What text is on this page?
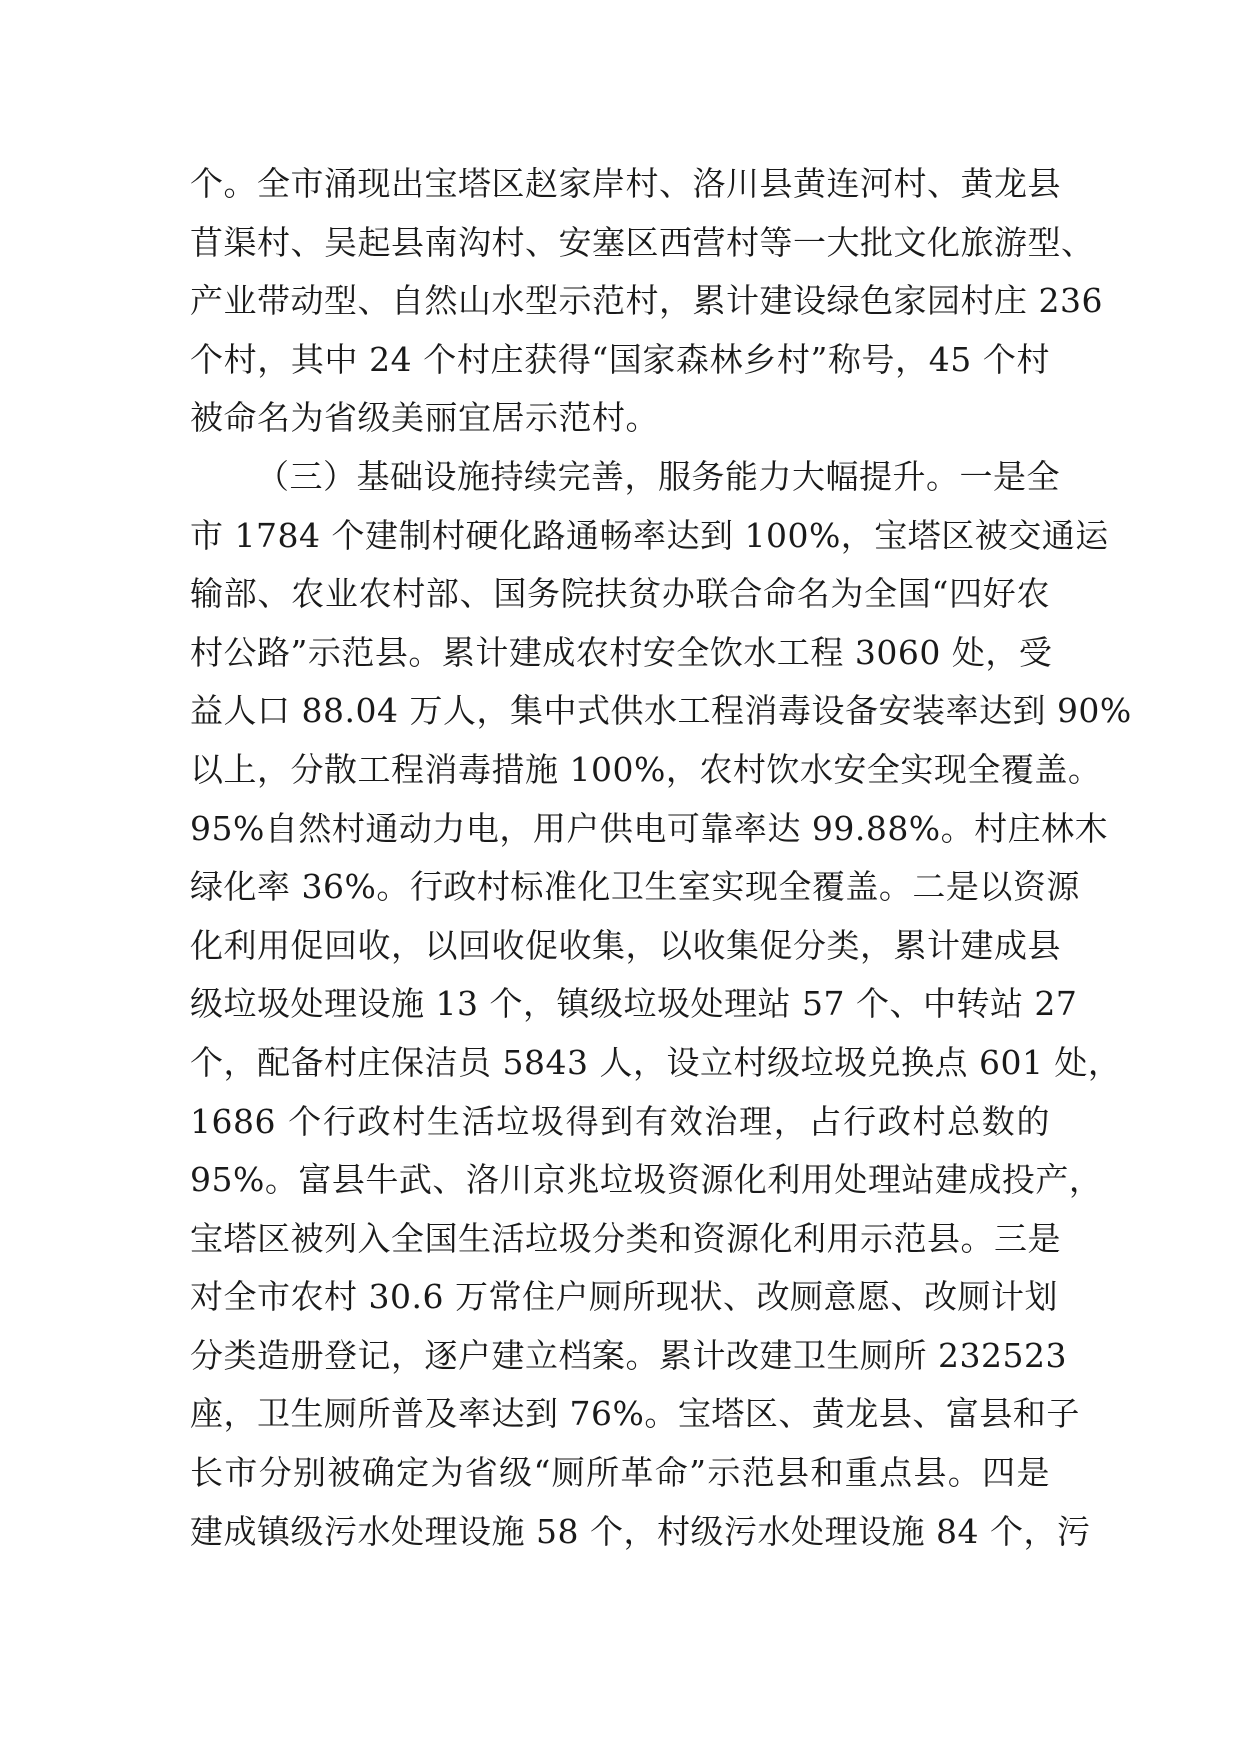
个。全市涌现出宝塔区赵家岸村、洛川县黄连河村、黄龙县
苜渠村、吴起县南沟村、安塞区西营村等一大批文化旅游型、
产业带动型、自然山水型示范村，累计建设绿色家园村庄 236
个村，其中 24 个村庄获得“国家森林乡村”称号，45 个村
被命名为省级美丽宜居示范村。
（三）基础设施持续完善，服务能力大幅提升。一是全
市 1784 个建制村硬化路通畅率达到 100%，宝塔区被交通运
输部、农业农村部、国务院扶贫办联合命名为全国“四好农
村公路”示范县。累计建成农村安全饮水工程 3060 处，受
益人口 88.04 万人，集中式供水工程消毒设备安装率达到 90%
以上，分散工程消毒措施 100%，农村饮水安全实现全覆盖。
95%自然村通动力电，用户供电可靠率达 99.88%。村庄林木
绿化率 36%。行政村标准化卫生室实现全覆盖。二是以资源
化利用促回收，以回收促收集，以收集促分类，累计建成县
级垃圾处理设施 13 个，镇级垃圾处理站 57 个、中转站 27
个，配备村庄保洁员 5843 人，设立村级垃圾兑换点 601 处，
1686 个行政村生活垃圾得到有效治理，占行政村总数的
95%。富县牛武、洛川京兆垃圾资源化利用处理站建成投产，
宝塔区被列入全国生活垃圾分类和资源化利用示范县。三是
对全市农村 30.6 万常住户厕所现状、改厕意愿、改厕计划
分类造册登记，逐户建立档案。累计改建卫生厕所 232523
座，卫生厕所普及率达到 76%。宝塔区、黄龙县、富县和子
长市分别被确定为省级“厕所革命”示范县和重点县。四是
建成镇级污水处理设施 58 个，村级污水处理设施 84 个，污
